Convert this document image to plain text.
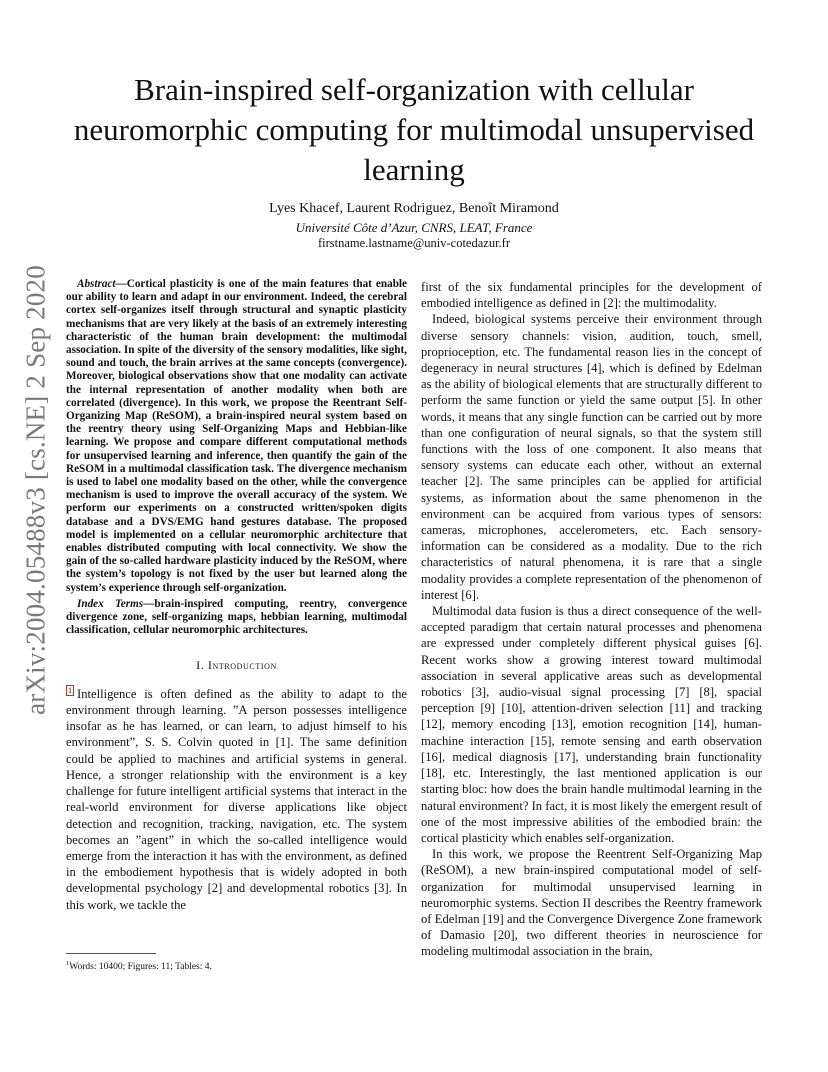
arXiv:2004.05488v3 [cs.NE] 2 Sep 2020
Brain-inspired self-organization with cellular neuromorphic computing for multimodal unsupervised learning
Lyes Khacef, Laurent Rodriguez, Benoît Miramond
Université Côte d’Azur, CNRS, LEAT, France
firstname.lastname@univ-cotedazur.fr

Abstract—Cortical plasticity is one of the main features that enable our ability to learn and adapt in our environment. Indeed, the cerebral cortex self-organizes itself through structural and synaptic plasticity mechanisms that are very likely at the basis of an extremely interesting characteristic of the human brain development: the multimodal association. In spite of the diversity of the sensory modalities, like sight, sound and touch, the brain arrives at the same concepts (convergence). Moreover, biological observations show that one modality can activate the internal representation of another modality when both are correlated (divergence). In this work, we propose the Reentrant Self-Organizing Map (ReSOM), a brain-inspired neural system based on the reentry theory using Self-Organizing Maps and Hebbian-like learning. We propose and compare different computational methods for unsupervised learning and inference, then quantify the gain of the ReSOM in a multimodal classification task. The divergence mechanism is used to label one modality based on the other, while the convergence mechanism is used to improve the overall accuracy of the system. We perform our experiments on a constructed written/spoken digits database and a DVS/EMG hand gestures database. The proposed model is implemented on a cellular neuromorphic architecture that enables distributed computing with local connectivity. We show the gain of the so-called hardware plasticity induced by the ReSOM, where the system’s topology is not fixed by the user but learned along the system’s experience through self-organization.

Index Terms—brain-inspired computing, reentry, convergence divergence zone, self-organizing maps, hebbian learning, multimodal classification, cellular neuromorphic architectures.

I. Introduction

1 Intelligence is often defined as the ability to adapt to the environment through learning. ”A person possesses intelligence insofar as he has learned, or can learn, to adjust himself to his environment”, S. S. Colvin quoted in [1]. The same definition could be applied to machines and artificial systems in general. Hence, a stronger relationship with the environment is a key challenge for future intelligent artificial systems that interact in the real-world environment for diverse applications like object detection and recognition, tracking, navigation, etc. The system becomes an ”agent” in which the so-called intelligence would emerge from the interaction it has with the environment, as defined in the embodiement hypothesis that is widely adopted in both developmental psychology [2] and developmental robotics [3]. In this work, we tackle the

$^1$Words: 10400; Figures: 11; Tables: 4.

first of the six fundamental principles for the development of embodied intelligence as defined in [2]: the multimodality.

Indeed, biological systems perceive their environment through diverse sensory channels: vision, audition, touch, smell, proprioception, etc. The fundamental reason lies in the concept of degeneracy in neural structures [4], which is defined by Edelman as the ability of biological elements that are structurally different to perform the same function or yield the same output [5]. In other words, it means that any single function can be carried out by more than one configuration of neural signals, so that the system still functions with the loss of one component. It also means that sensory systems can educate each other, without an external teacher [2]. The same principles can be applied for artificial systems, as information about the same phenomenon in the environment can be acquired from various types of sensors: cameras, microphones, accelerometers, etc. Each sensory-information can be considered as a modality. Due to the rich characteristics of natural phenomena, it is rare that a single modality provides a complete representation of the phenomenon of interest [6].

Multimodal data fusion is thus a direct consequence of the well-accepted paradigm that certain natural processes and phenomena are expressed under completely different physical guises [6]. Recent works show a growing interest toward multimodal association in several applicative areas such as developmental robotics [3], audio-visual signal processing [7] [8], spacial perception [9] [10], attention-driven selection [11] and tracking [12], memory encoding [13], emotion recognition [14], human-machine interaction [15], remote sensing and earth observation [16], medical diagnosis [17], understanding brain functionality [18], etc. Interestingly, the last mentioned application is our starting bloc: how does the brain handle multimodal learning in the natural environment? In fact, it is most likely the emergent result of one of the most impressive abilities of the embodied brain: the cortical plasticity which enables self-organization.

In this work, we propose the Reentrent Self-Organizing Map (ReSOM), a new brain-inspired computational model of self-organization for multimodal unsupervised learning in neuromorphic systems. Section II describes the Reentry framework of Edelman [19] and the Convergence Divergence Zone framework of Damasio [20], two different theories in neuroscience for modeling multimodal association in the brain,
